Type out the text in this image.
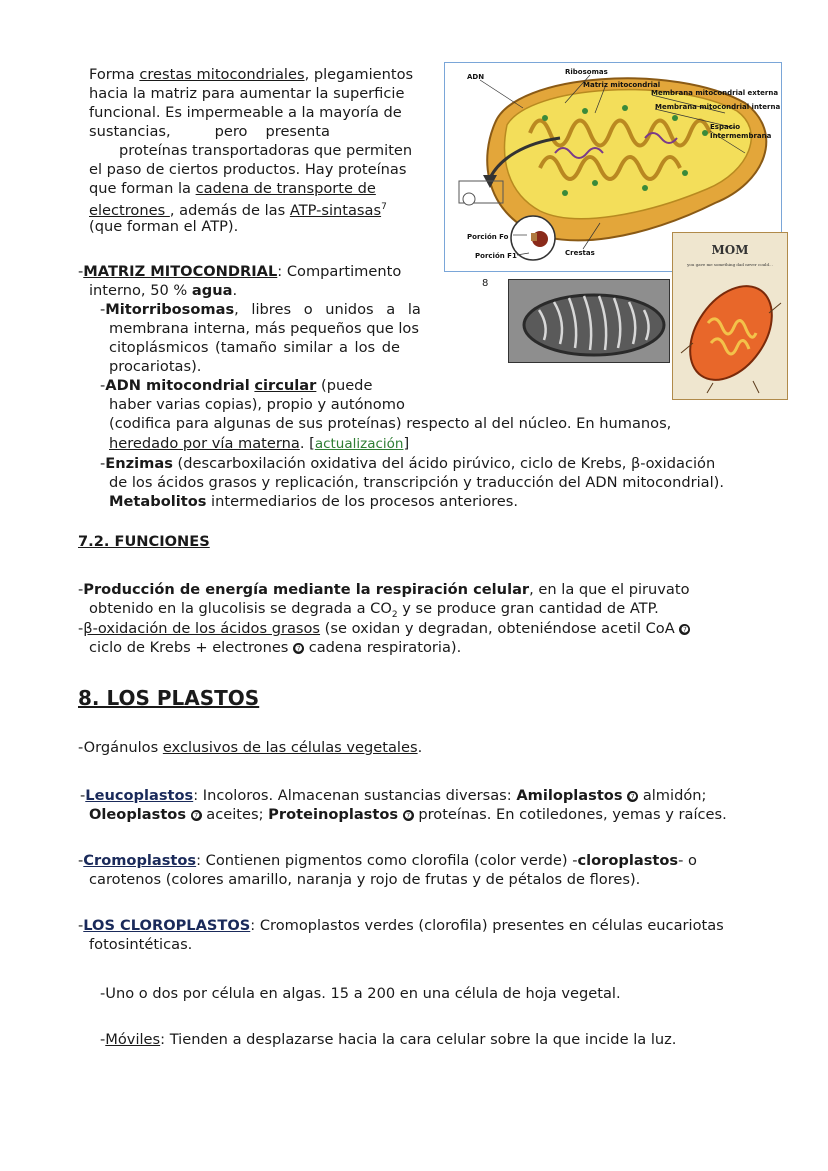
Forma crestas mitocondriales, plegamientos
hacia la matriz para aumentar la superficie
funcional. Es impermeable a la mayoría de
sustancias,	pero presenta
proteínas transportadoras que permiten
el paso de ciertos productos. Hay proteínas
que forman la cadena de transporte de
electrones , además de las ATP-sintasas$^7$
(que forman el ATP).
ADN
Ribosomas
Matriz mitocondrial
Membrana mitocondrial externa
Membrana mitocondrial interna
Espacio
Intermembrana
Porción Fo
Porción F1	Crestas
8
MOM
you gave me something dad never could...
-MATRIZ MITOCONDRIAL: Compartimento
interno, 50 % agua.
-Mitorribosomas, libres o unidos a la
membrana interna, más pequeños que los
citoplásmicos (tamaño similar a los de
procariotas).
-ADN mitocondrial circular (puede
haber varias copias), propio y autónomo
(codifica para algunas de sus proteínas) respecto al del núcleo. En humanos,
heredado por vía materna. [actualización]
-Enzimas (descarboxilación oxidativa del ácido pirúvico, ciclo de Krebs, β-oxidación
de los ácidos grasos y replicación, transcripción y traducción del ADN mitocondrial).
Metabolitos intermediarios de los procesos anteriores.
7.2. FUNCIONES
-Producción de energía mediante la respiración celular, en la que el piruvato
obtenido en la glucolisis se degrada a $CO_2$ y se produce gran cantidad de ATP.
-β-oxidación de los ácidos grasos (se oxidan y degradan, obteniéndose acetil CoA ➐
ciclo de Krebs + electrones ➐ cadena respiratoria).
8. LOS PLASTOS
-Orgánulos exclusivos de las células vegetales.
-Leucoplastos: Incoloros. Almacenan sustancias diversas: Amiloplastos ➐ almidón;
Oleoplastos ➐ aceites; Proteinoplastos ➐ proteínas. En cotiledones, yemas y raíces.
-Cromoplastos: Contienen pigmentos como clorofila (color verde) -cloroplastos- o
carotenos (colores amarillo, naranja y rojo de frutas y de pétalos de flores).
-LOS CLOROPLASTOS: Cromoplastos verdes (clorofila) presentes en células eucariotas
fotosintéticas.
-Uno o dos por célula en algas. 15 a 200 en una célula de hoja vegetal.
-Móviles: Tienden a desplazarse hacia la cara celular sobre la que incide la luz.
